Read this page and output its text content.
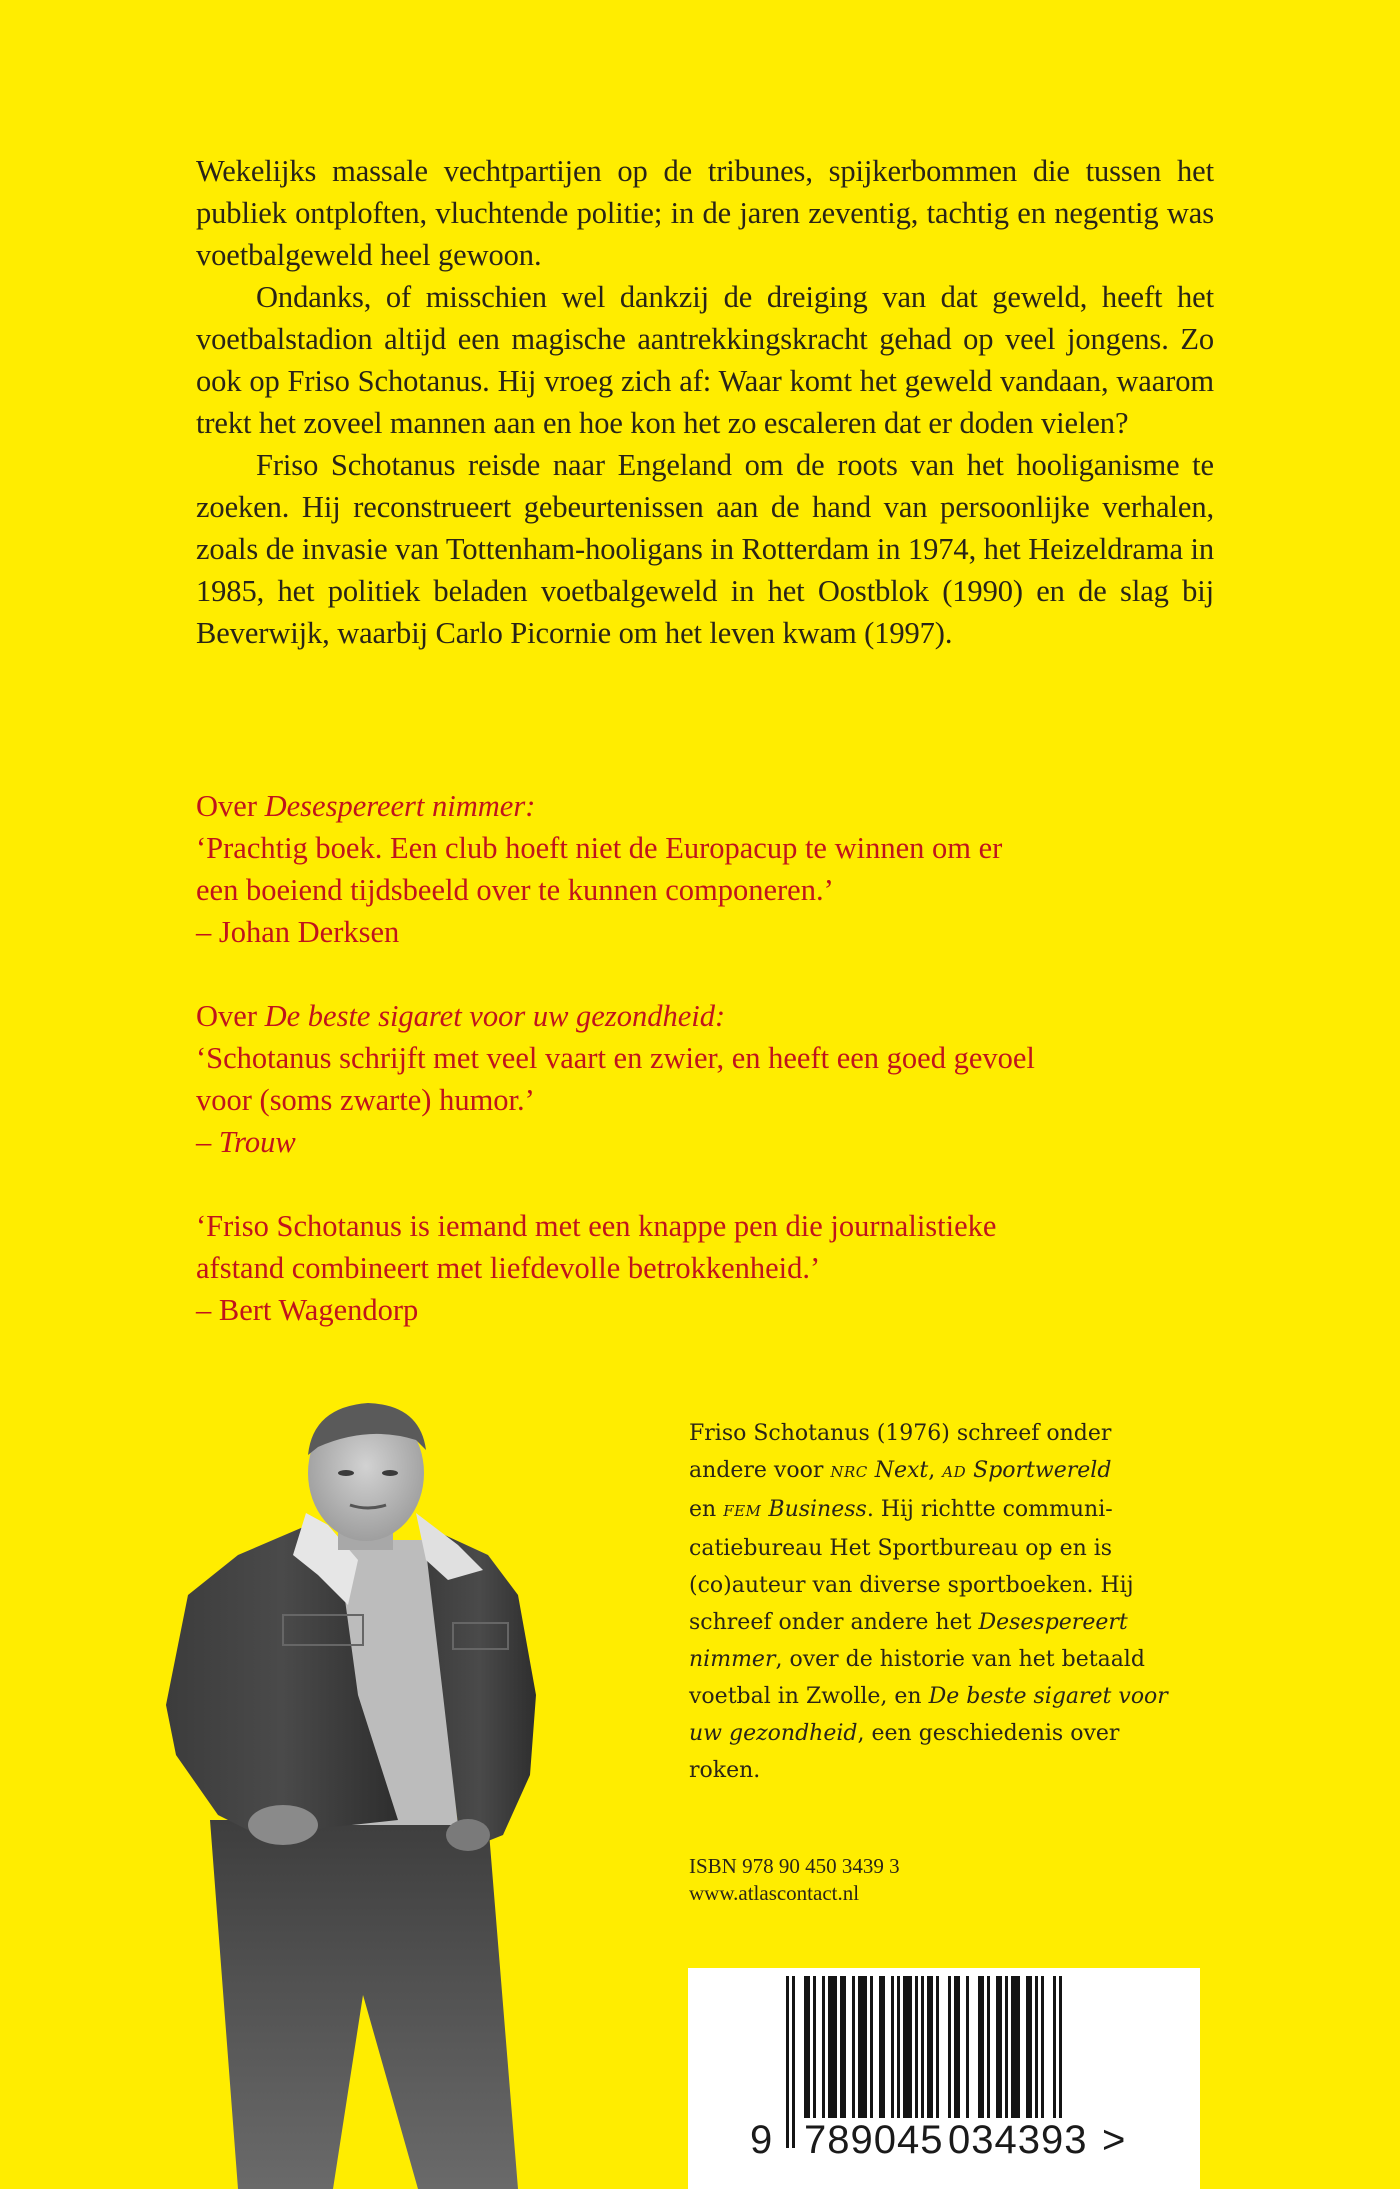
Wekelijks massale vechtpartijen op de tribunes, spijkerbommen die tussen het publiek ontploften, vluchtende politie; in de jaren zeventig, tachtig en negentig was voetbalgeweld heel gewoon.

Ondanks, of misschien wel dankzij de dreiging van dat geweld, heeft het voetbalstadion altijd een magische aantrekkingskracht gehad op veel jongens. Zo ook op Friso Schotanus. Hij vroeg zich af: Waar komt het geweld vandaan, waarom trekt het zoveel mannen aan en hoe kon het zo escaleren dat er doden vielen?

Friso Schotanus reisde naar Engeland om de roots van het hooliganisme te zoeken. Hij reconstrueert gebeurtenissen aan de hand van persoonlijke verhalen, zoals de invasie van Tottenham-hooligans in Rotterdam in 1974, het Heizeldrama in 1985, het politiek beladen voetbalgeweld in het Oostblok (1990) en de slag bij Beverwijk, waarbij Carlo Picornie om het leven kwam (1997).

Over Desespereert nimmer:
‘Prachtig boek. Een club hoeft niet de Europacup te winnen om er
een boeiend tijdsbeeld over te kunnen componeren.’
– Johan Derksen
Over De beste sigaret voor uw gezondheid:
‘Schotanus schrijft met veel vaart en zwier, en heeft een goed gevoel
voor (soms zwarte) humor.’
– Trouw
‘Friso Schotanus is iemand met een knappe pen die journalistieke
afstand combineert met liefdevolle betrokkenheid.’
– Bert Wagendorp
Friso Schotanus (1976) schreef onder
andere voor NRC Next, AD Sportwereld
en FEM Business. Hij richtte communi-
catiebureau Het Sportbureau op en is
(co)auteur van diverse sportboeken. Hij
schreef onder andere het Desespereert
nimmer, over de historie van het betaald
voetbal in Zwolle, en De beste sigaret voor
uw gezondheid, een geschiedenis over
roken.
ISBN 978 90 450 3439 3
www.atlascontact.nl
9 789045 034393 >
